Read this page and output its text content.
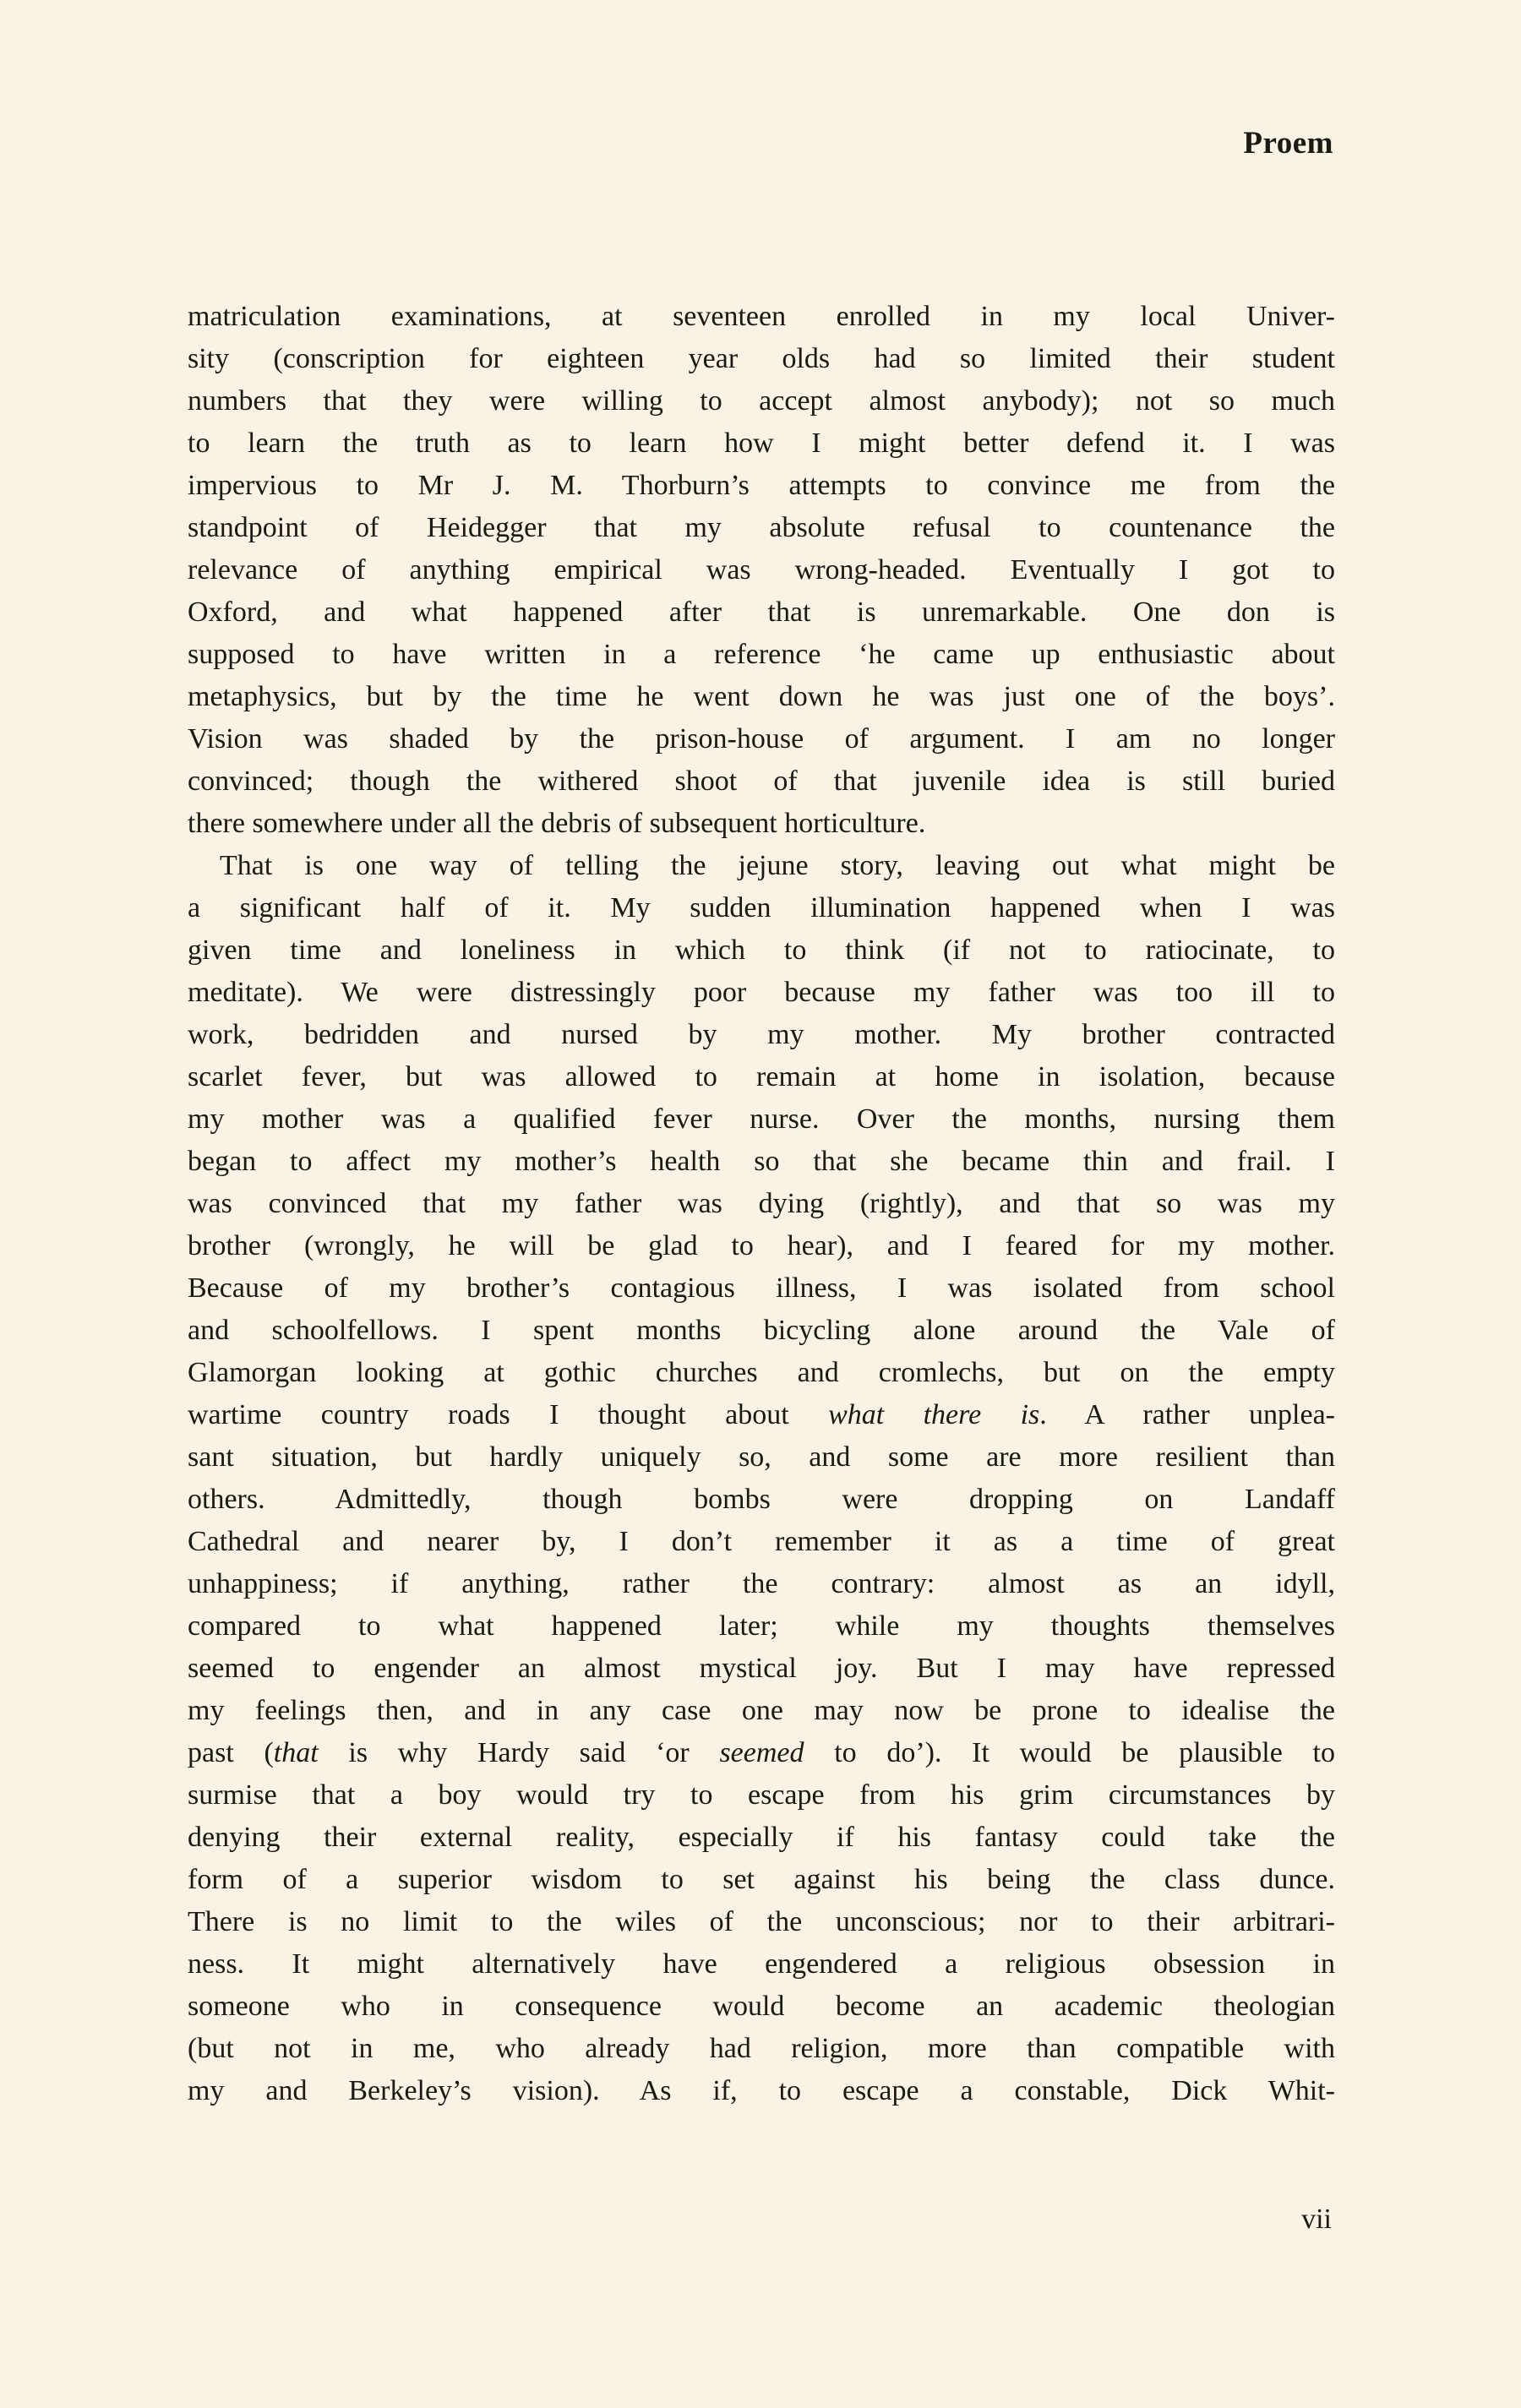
Proem
matriculation examinations, at seventeen enrolled in my local Univer-
sity (conscription for eighteen year olds had so limited their student
numbers that they were willing to accept almost anybody); not so much
to learn the truth as to learn how I might better defend it. I was
impervious to Mr J. M. Thorburn’s attempts to convince me from the
standpoint of Heidegger that my absolute refusal to countenance the
relevance of anything empirical was wrong-headed. Eventually I got to
Oxford, and what happened after that is unremarkable. One don is
supposed to have written in a reference ‘he came up enthusiastic about
metaphysics, but by the time he went down he was just one of the boys’.
Vision was shaded by the prison-house of argument. I am no longer
convinced; though the withered shoot of that juvenile idea is still buried
there somewhere under all the debris of subsequent horticulture.
That is one way of telling the jejune story, leaving out what might be
a significant half of it. My sudden illumination happened when I was
given time and loneliness in which to think (if not to ratiocinate, to
meditate). We were distressingly poor because my father was too ill to
work, bedridden and nursed by my mother. My brother contracted
scarlet fever, but was allowed to remain at home in isolation, because
my mother was a qualified fever nurse. Over the months, nursing them
began to affect my mother’s health so that she became thin and frail. I
was convinced that my father was dying (rightly), and that so was my
brother (wrongly, he will be glad to hear), and I feared for my mother.
Because of my brother’s contagious illness, I was isolated from school
and schoolfellows. I spent months bicycling alone around the Vale of
Glamorgan looking at gothic churches and cromlechs, but on the empty
wartime country roads I thought about what there is. A rather unplea-
sant situation, but hardly uniquely so, and some are more resilient than
others. Admittedly, though bombs were dropping on Landaff
Cathedral and nearer by, I don’t remember it as a time of great
unhappiness; if anything, rather the contrary: almost as an idyll,
compared to what happened later; while my thoughts themselves
seemed to engender an almost mystical joy. But I may have repressed
my feelings then, and in any case one may now be prone to idealise the
past (that is why Hardy said ‘or seemed to do’). It would be plausible to
surmise that a boy would try to escape from his grim circumstances by
denying their external reality, especially if his fantasy could take the
form of a superior wisdom to set against his being the class dunce.
There is no limit to the wiles of the unconscious; nor to their arbitrari-
ness. It might alternatively have engendered a religious obsession in
someone who in consequence would become an academic theologian
(but not in me, who already had religion, more than compatible with
my and Berkeley’s vision). As if, to escape a constable, Dick Whit-
vii
